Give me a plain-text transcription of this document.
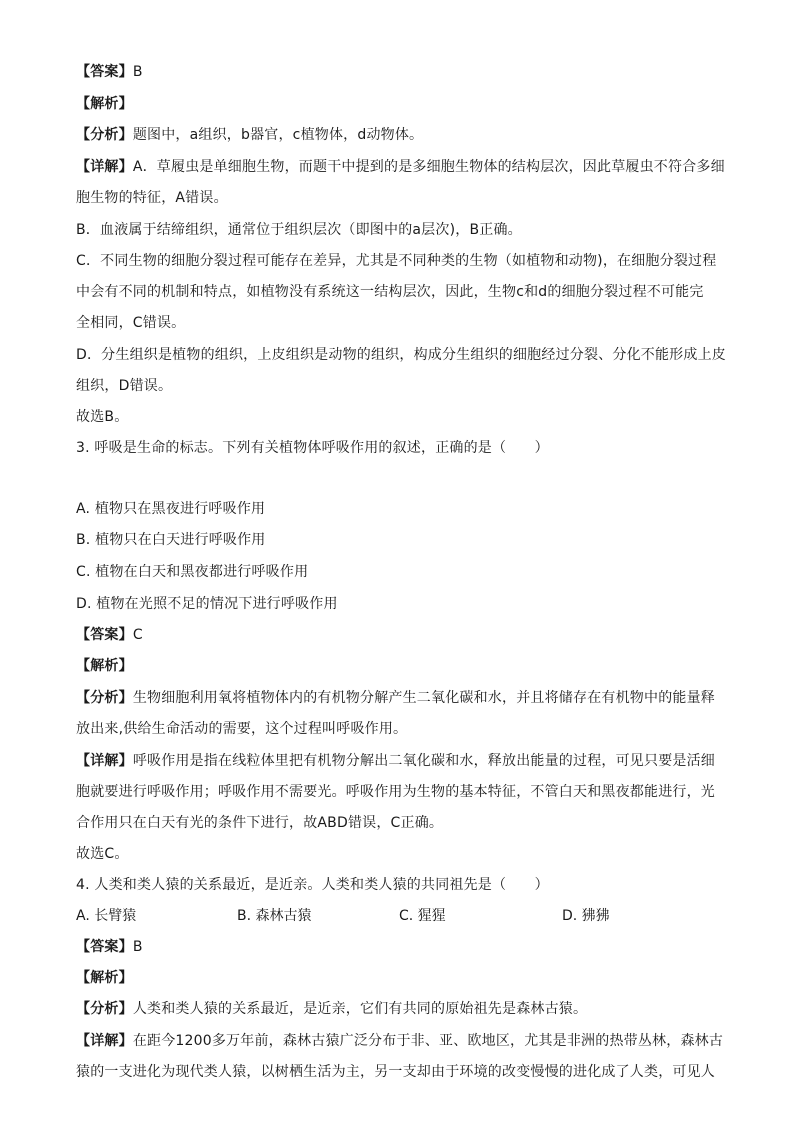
【答案】B
【解析】
【分析】题图中，a组织，b器官，c植物体，d动物体。
【详解】A．草履虫是单细胞生物，而题干中提到的是多细胞生物体的结构层次，因此草履虫不符合多细
胞生物的特征，A错误。
B．血液属于结缔组织，通常位于组织层次（即图中的a层次)，B正确。
C．不同生物的细胞分裂过程可能存在差异，尤其是不同种类的生物（如植物和动物)，在细胞分裂过程
中会有不同的机制和特点，如植物没有系统这一结构层次，因此，生物c和d的细胞分裂过程不可能完
全相同，C错误。
D．分生组织是植物的组织，上皮组织是动物的组织，构成分生组织的细胞经过分裂、分化不能形成上皮
组织，D错误。
故选B。
3. 呼吸是生命的标志。下列有关植物体呼吸作用的叙述，正确的是（　　）
A. 植物只在黑夜进行呼吸作用
B. 植物只在白天进行呼吸作用
C. 植物在白天和黑夜都进行呼吸作用
D. 植物在光照不足的情况下进行呼吸作用
【答案】C
【解析】
【分析】生物细胞利用氧将植物体内的有机物分解产生二氧化碳和水，并且将储存在有机物中的能量释
放出来,供给生命活动的需要，这个过程叫呼吸作用。
【详解】呼吸作用是指在线粒体里把有机物分解出二氧化碳和水，释放出能量的过程，可见只要是活细
胞就要进行呼吸作用；呼吸作用不需要光。呼吸作用为生物的基本特征，不管白天和黑夜都能进行，光
合作用只在白天有光的条件下进行，故ABD错误，C正确。
故选C。
4. 人类和类人猿的关系最近，是近亲。人类和类人猿的共同祖先是（　　）
A. 长臂猿	B. 森林古猿	C. 猩猩	D. 狒狒
【答案】B
【解析】
【分析】人类和类人猿的关系最近，是近亲，它们有共同的原始祖先是森林古猿。
【详解】在距今1200多万年前，森林古猿广泛分布于非、亚、欧地区，尤其是非洲的热带丛林，森林古
猿的一支进化为现代类人猿，以树栖生活为主，另一支却由于环境的改变慢慢的进化成了人类，可见人
